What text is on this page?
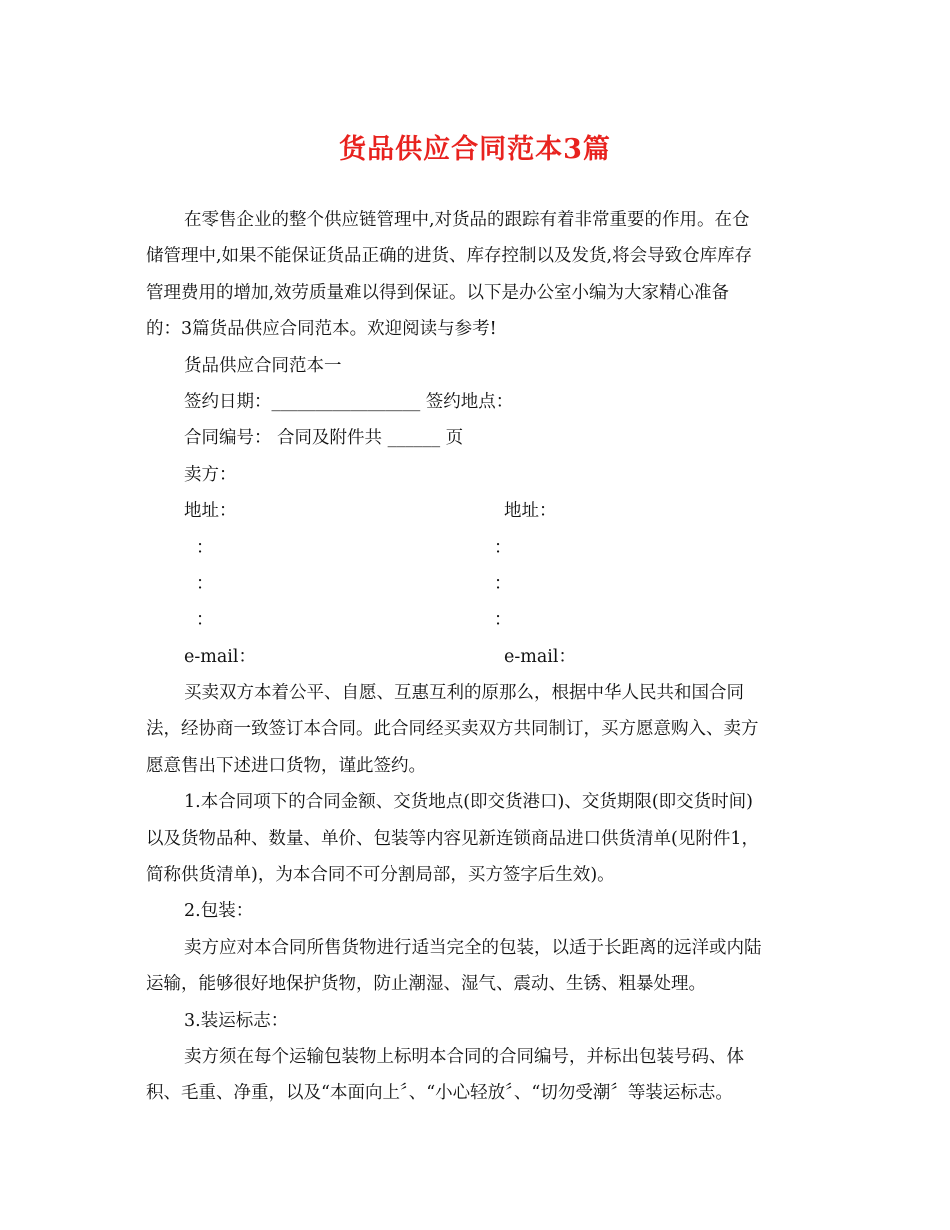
货品供应合同范本3篇
在零售企业的整个供应链管理中,对货品的跟踪有着非常重要的作用。在仓
储管理中,如果不能保证货品正确的进货、库存控制以及发货,将会导致仓库库存
管理费用的增加,效劳质量难以得到保证。以下是办公室小编为大家精心准备
的：3篇货品供应合同范本。欢迎阅读与参考!
货品供应合同范本一
签约日期：_________________ 签约地点：
合同编号： 合同及附件共 ______ 页
卖方：
地址：	地址：
：	：
：	：
：	：
e-mail：	e-mail：
买卖双方本着公平、自愿、互惠互利的原那么，根据中华人民共和国合同
法，经协商一致签订本合同。此合同经买卖双方共同制订，买方愿意购入、卖方
愿意售出下述进口货物，谨此签约。
1.本合同项下的合同金额、交货地点(即交货港口)、交货期限(即交货时间)
以及货物品种、数量、单价、包装等内容见新连锁商品进口供货清单(见附件1，
简称供货清单)，为本合同不可分割局部，买方签字后生效)。
2.包装：
卖方应对本合同所售货物进行适当完全的包装，以适于长距离的远洋或内陆
运输，能够很好地保护货物，防止潮湿、湿气、震动、生锈、粗暴处理。
3.装运标志：
卖方须在每个运输包装物上标明本合同的合同编号，并标出包装号码、体
积、毛重、净重，以及“本面向上〞、“小心轻放〞、“切勿受潮〞等装运标志。
